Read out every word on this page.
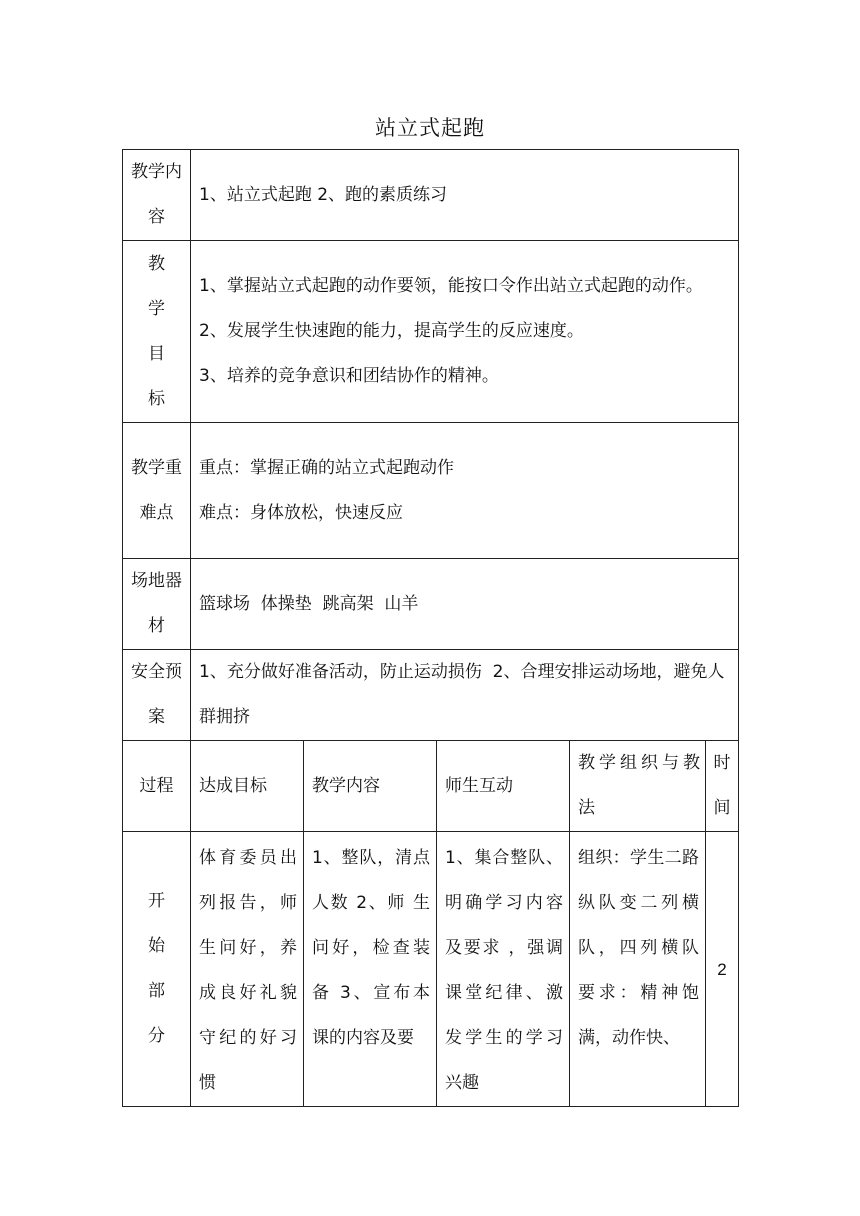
站立式起跑
教学内容	1、站立式起跑 2、跑的素质练习				
教 学 目 标	1、掌握站立式起跑的动作要领，能按口令作出站立式起跑的动作。
2、发展学生快速跑的能力，提高学生的反应速度。
3、培养的竞争意识和团结协作的精神。				

教学重难点	重点：掌握正确的站立式起跑动作
难点：身体放松，快速反应				

场地器材	篮球场  体操垫  跳高架  山羊				
安全预案	1、充分做好准备活动，防止运动损伤  2、合理安排运动场地，避免人群拥挤				
过程	达成目标	教学内容	师生互动	教学组织与教法	时间
开 始 部 分	体育委员出列报告，师生问好，养成良好礼貌守纪的好习惯	1、整队，清点人数 2、师 生 问好，检查装备 3、宣布本课的内容及要	1、集合整队、明确学习内容及要求 ，强调课堂纪律、激发学生的学习兴趣	组织：学生二路纵队变二列横队，四列横队 要求：精神饱满，动作快、	2
